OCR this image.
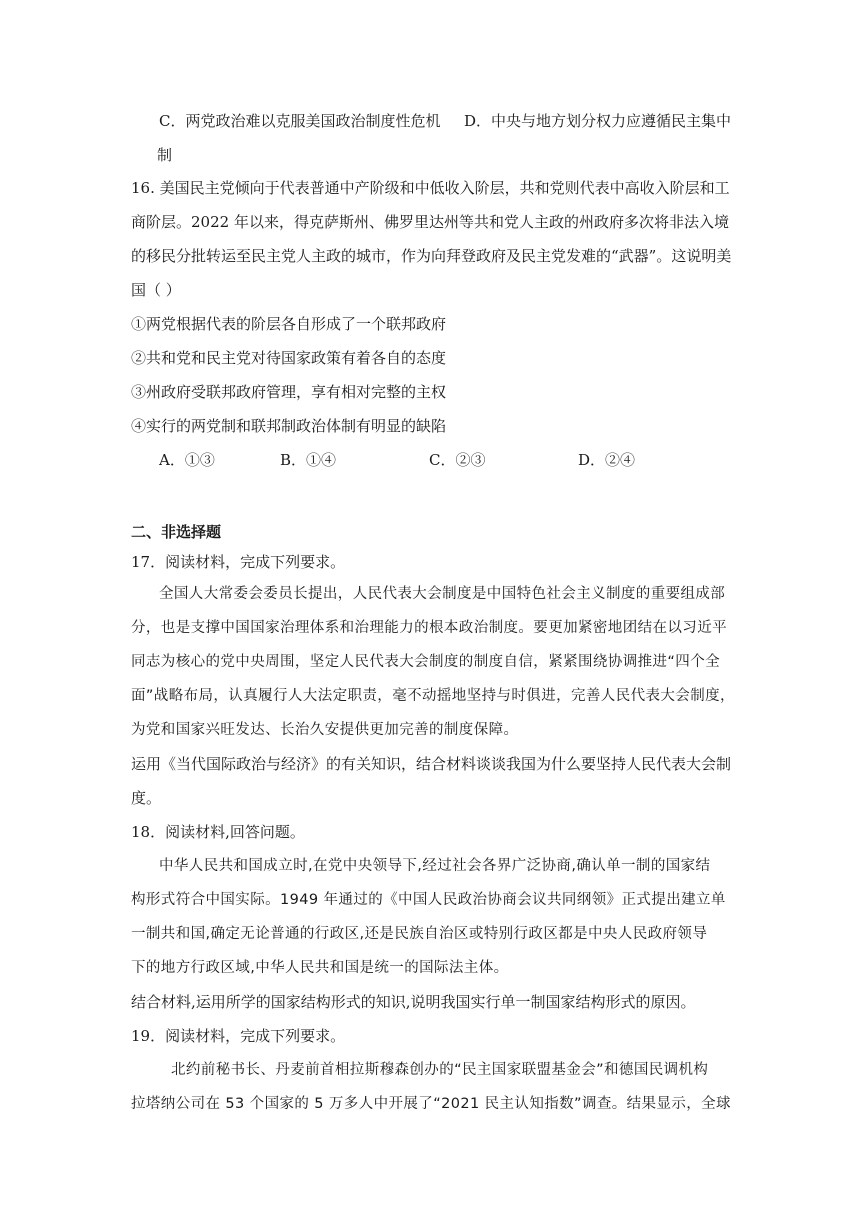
C．两党政治难以克服美国政治制度性危机 D．中央与地方划分权力应遵循民主集中
制
16. 美国民主党倾向于代表普通中产阶级和中低收入阶层，共和党则代表中高收入阶层和工
商阶层。2022 年以来，得克萨斯州、佛罗里达州等共和党人主政的州政府多次将非法入境
的移民分批转运至民主党人主政的城市，作为向拜登政府及民主党发难的“武器”。这说明美
国（ ）
①两党根据代表的阶层各自形成了一个联邦政府
②共和党和民主党对待国家政策有着各自的态度
③州政府受联邦政府管理，享有相对完整的主权
④实行的两党制和联邦制政治体制有明显的缺陷
A．①③	B．①④	C．②③	D．②④
二、非选择题
17．阅读材料，完成下列要求。
全国人大常委会委员长提出，人民代表大会制度是中国特色社会主义制度的重要组成部
分，也是支撑中国国家治理体系和治理能力的根本政治制度。要更加紧密地团结在以习近平
同志为核心的党中央周围，坚定人民代表大会制度的制度自信，紧紧围绕协调推进“四个全
面”战略布局，认真履行人大法定职责，毫不动摇地坚持与时俱进，完善人民代表大会制度，
为党和国家兴旺发达、长治久安提供更加完善的制度保障。
运用《当代国际政治与经济》的有关知识，结合材料谈谈我国为什么要坚持人民代表大会制
度。
18．阅读材料,回答问题。
中华人民共和国成立时,在党中央领导下,经过社会各界广泛协商,确认单一制的国家结
构形式符合中国实际。1949 年通过的《中国人民政治协商会议共同纲领》正式提出建立单
一制共和国,确定无论普通的行政区,还是民族自治区或特别行政区都是中央人民政府领导
下的地方行政区域,中华人民共和国是统一的国际法主体。
结合材料,运用所学的国家结构形式的知识,说明我国实行单一制国家结构形式的原因。
19．阅读材料，完成下列要求。
北约前秘书长、丹麦前首相拉斯穆森创办的“民主国家联盟基金会”和德国民调机构
拉塔纳公司在 53 个国家的 5 万多人中开展了“2021 民主认知指数”调查。结果显示，全球
